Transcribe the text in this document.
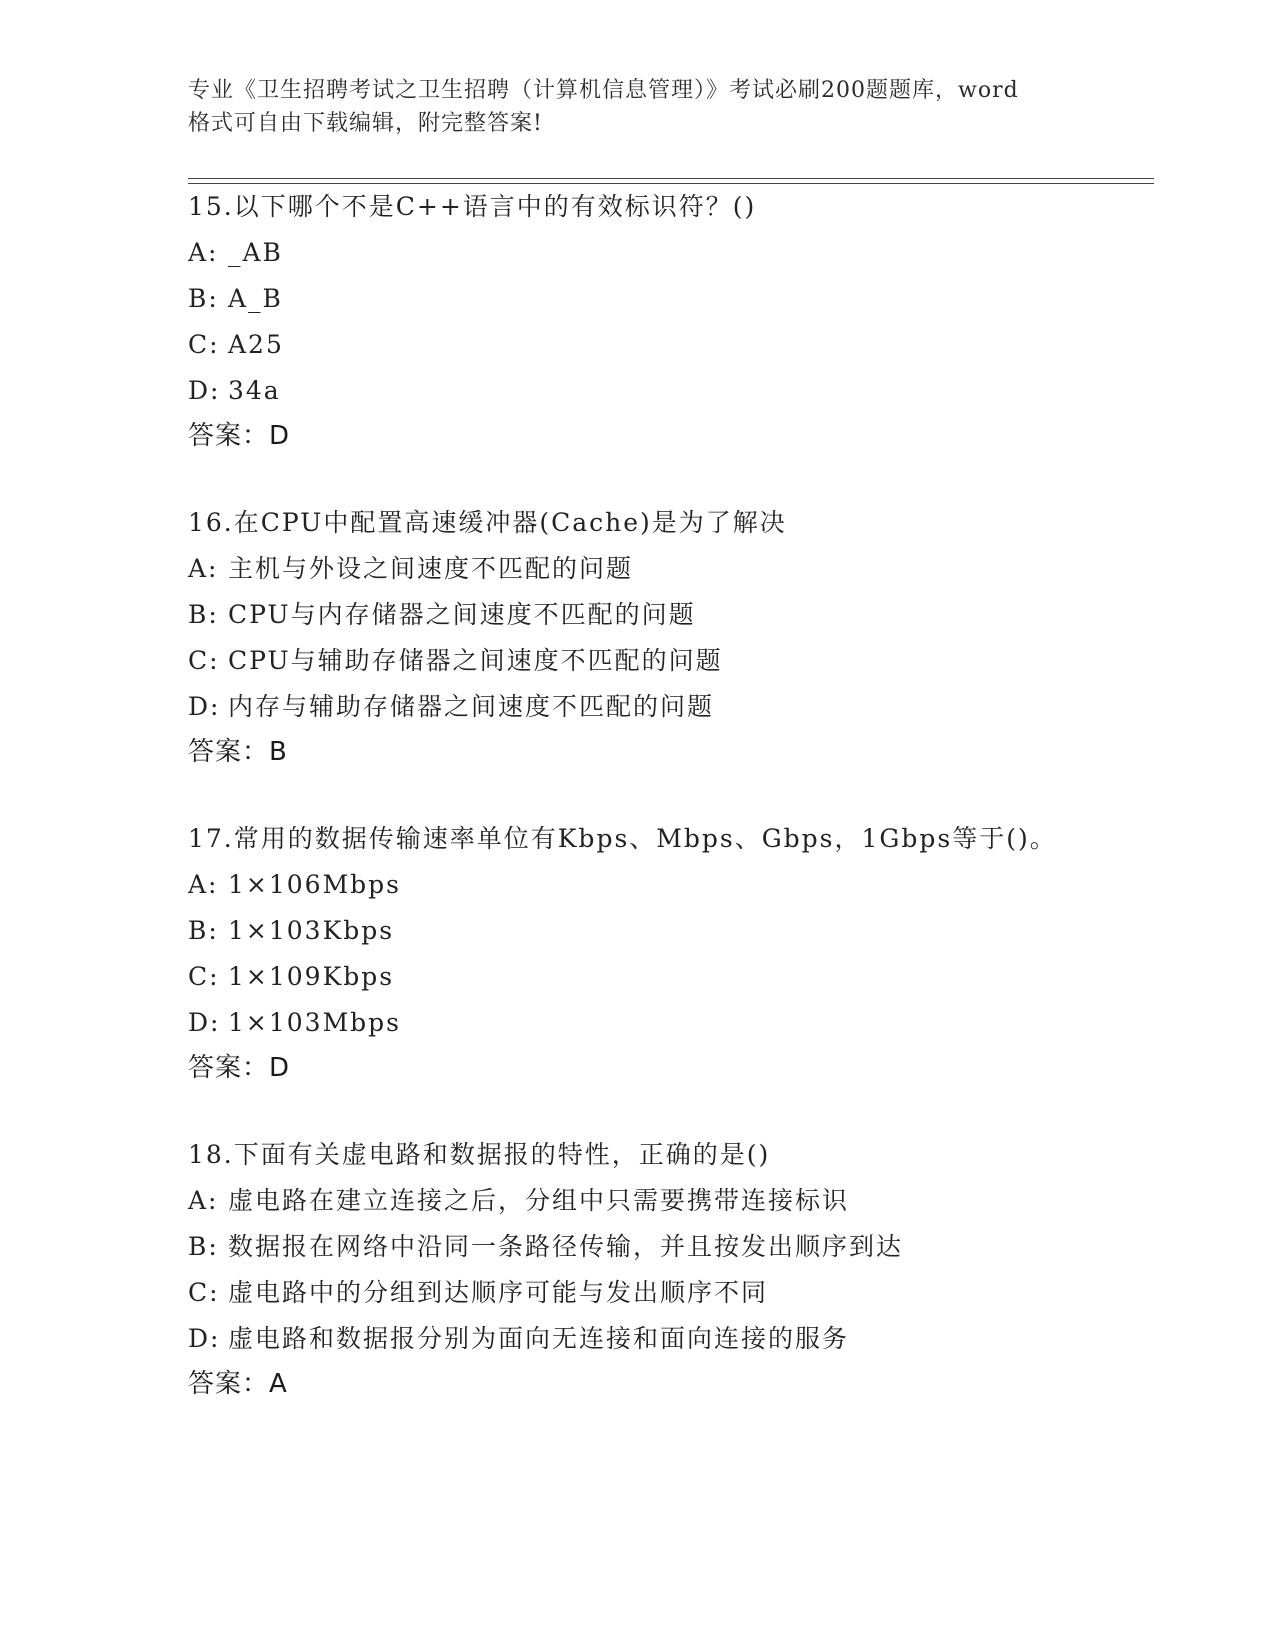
专业《卫生招聘考试之卫生招聘（计算机信息管理）》考试必刷200题题库，word
格式可自由下载编辑，附完整答案!
15.以下哪个不是C++语言中的有效标识符？()
A: _AB
B: A_B
C: A25
D: 34a
答案：D
16.在CPU中配置高速缓冲器(Cache)是为了解决
A: 主机与外设之间速度不匹配的问题
B: CPU与内存储器之间速度不匹配的问题
C: CPU与辅助存储器之间速度不匹配的问题
D: 内存与辅助存储器之间速度不匹配的问题
答案：B
17.常用的数据传输速率单位有Kbps、Mbps、Gbps，1Gbps等于()。
A: 1×106Mbps
B: 1×103Kbps
C: 1×109Kbps
D: 1×103Mbps
答案：D
18.下面有关虚电路和数据报的特性，正确的是()
A: 虚电路在建立连接之后，分组中只需要携带连接标识
B: 数据报在网络中沿同一条路径传输，并且按发出顺序到达
C: 虚电路中的分组到达顺序可能与发出顺序不同
D: 虚电路和数据报分别为面向无连接和面向连接的服务
答案：A
